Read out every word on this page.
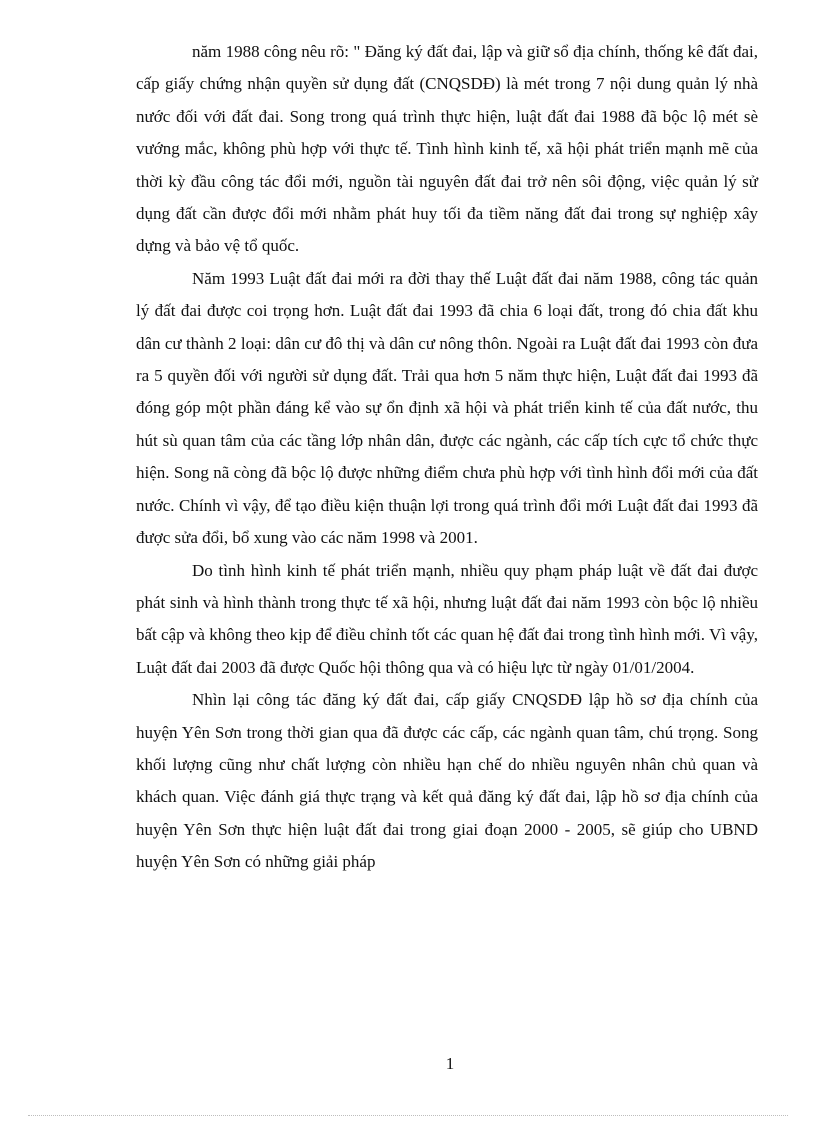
năm 1988 công nêu rõ: " Đăng ký đất đai, lập và giữ sổ địa chính, thống kê đất đai, cấp giấy chứng nhận quyền sử dụng đất (CNQSDĐ) là mét trong 7 nội dung quản lý nhà nước đối với đất đai. Song trong quá trình thực hiện, luật đất đai 1988 đã bộc lộ mét sè vướng mắc, không phù hợp với thực tế. Tình hình kinh tế, xã hội phát triển mạnh mẽ của thời kỳ đầu công tác đổi mới, nguồn tài nguyên đất đai trở nên sôi động, việc quản lý sử dụng đất cần được đổi mới nhằm phát huy tối đa tiềm năng đất đai trong sự nghiệp xây dựng và bảo vệ tổ quốc.

Năm 1993 Luật đất đai mới ra đời thay thế Luật đất đai năm 1988, công tác quản lý đất đai được coi trọng hơn. Luật đất đai 1993 đã chia 6 loại đất, trong đó chia đất khu dân cư thành 2 loại: dân cư đô thị và dân cư nông thôn. Ngoài ra Luật đất đai 1993 còn đưa ra 5 quyền đối với người sử dụng đất. Trải qua hơn 5 năm thực hiện, Luật đất đai 1993 đã đóng góp một phần đáng kể vào sự ổn định xã hội và phát triển kinh tế của đất nước, thu hút sù quan tâm của các tầng lớp nhân dân, được các ngành, các cấp tích cực tổ chức thực hiện. Song nã còng đã bộc lộ được những điểm chưa phù hợp với tình hình đổi mới của đất nước. Chính vì vậy, để tạo điều kiện thuận lợi trong quá trình đổi mới Luật đất đai 1993 đã được sửa đổi, bổ xung vào các năm 1998 và 2001.

Do tình hình kinh tế phát triển mạnh, nhiều quy phạm pháp luật về đất đai được phát sinh và hình thành trong thực tế xã hội, nhưng luật đất đai năm 1993 còn bộc lộ nhiều bất cập và không theo kịp để điều chỉnh tốt các quan hệ đất đai trong tình hình mới. Vì vậy, Luật đất đai 2003 đã được Quốc hội thông qua và có hiệu lực từ ngày 01/01/2004.

Nhìn lại công tác đăng ký đất đai, cấp giấy CNQSDĐ lập hồ sơ địa chính của huyện Yên Sơn trong thời gian qua đã được các cấp, các ngành quan tâm, chú trọng. Song khối lượng cũng như chất lượng còn nhiều hạn chế do nhiều nguyên nhân chủ quan và khách quan. Việc đánh giá thực trạng và kết quả đăng ký đất đai, lập hồ sơ địa chính của huyện Yên Sơn thực hiện luật đất đai trong giai đoạn 2000 - 2005, sẽ giúp cho UBND huyện Yên Sơn có những giải pháp

1
